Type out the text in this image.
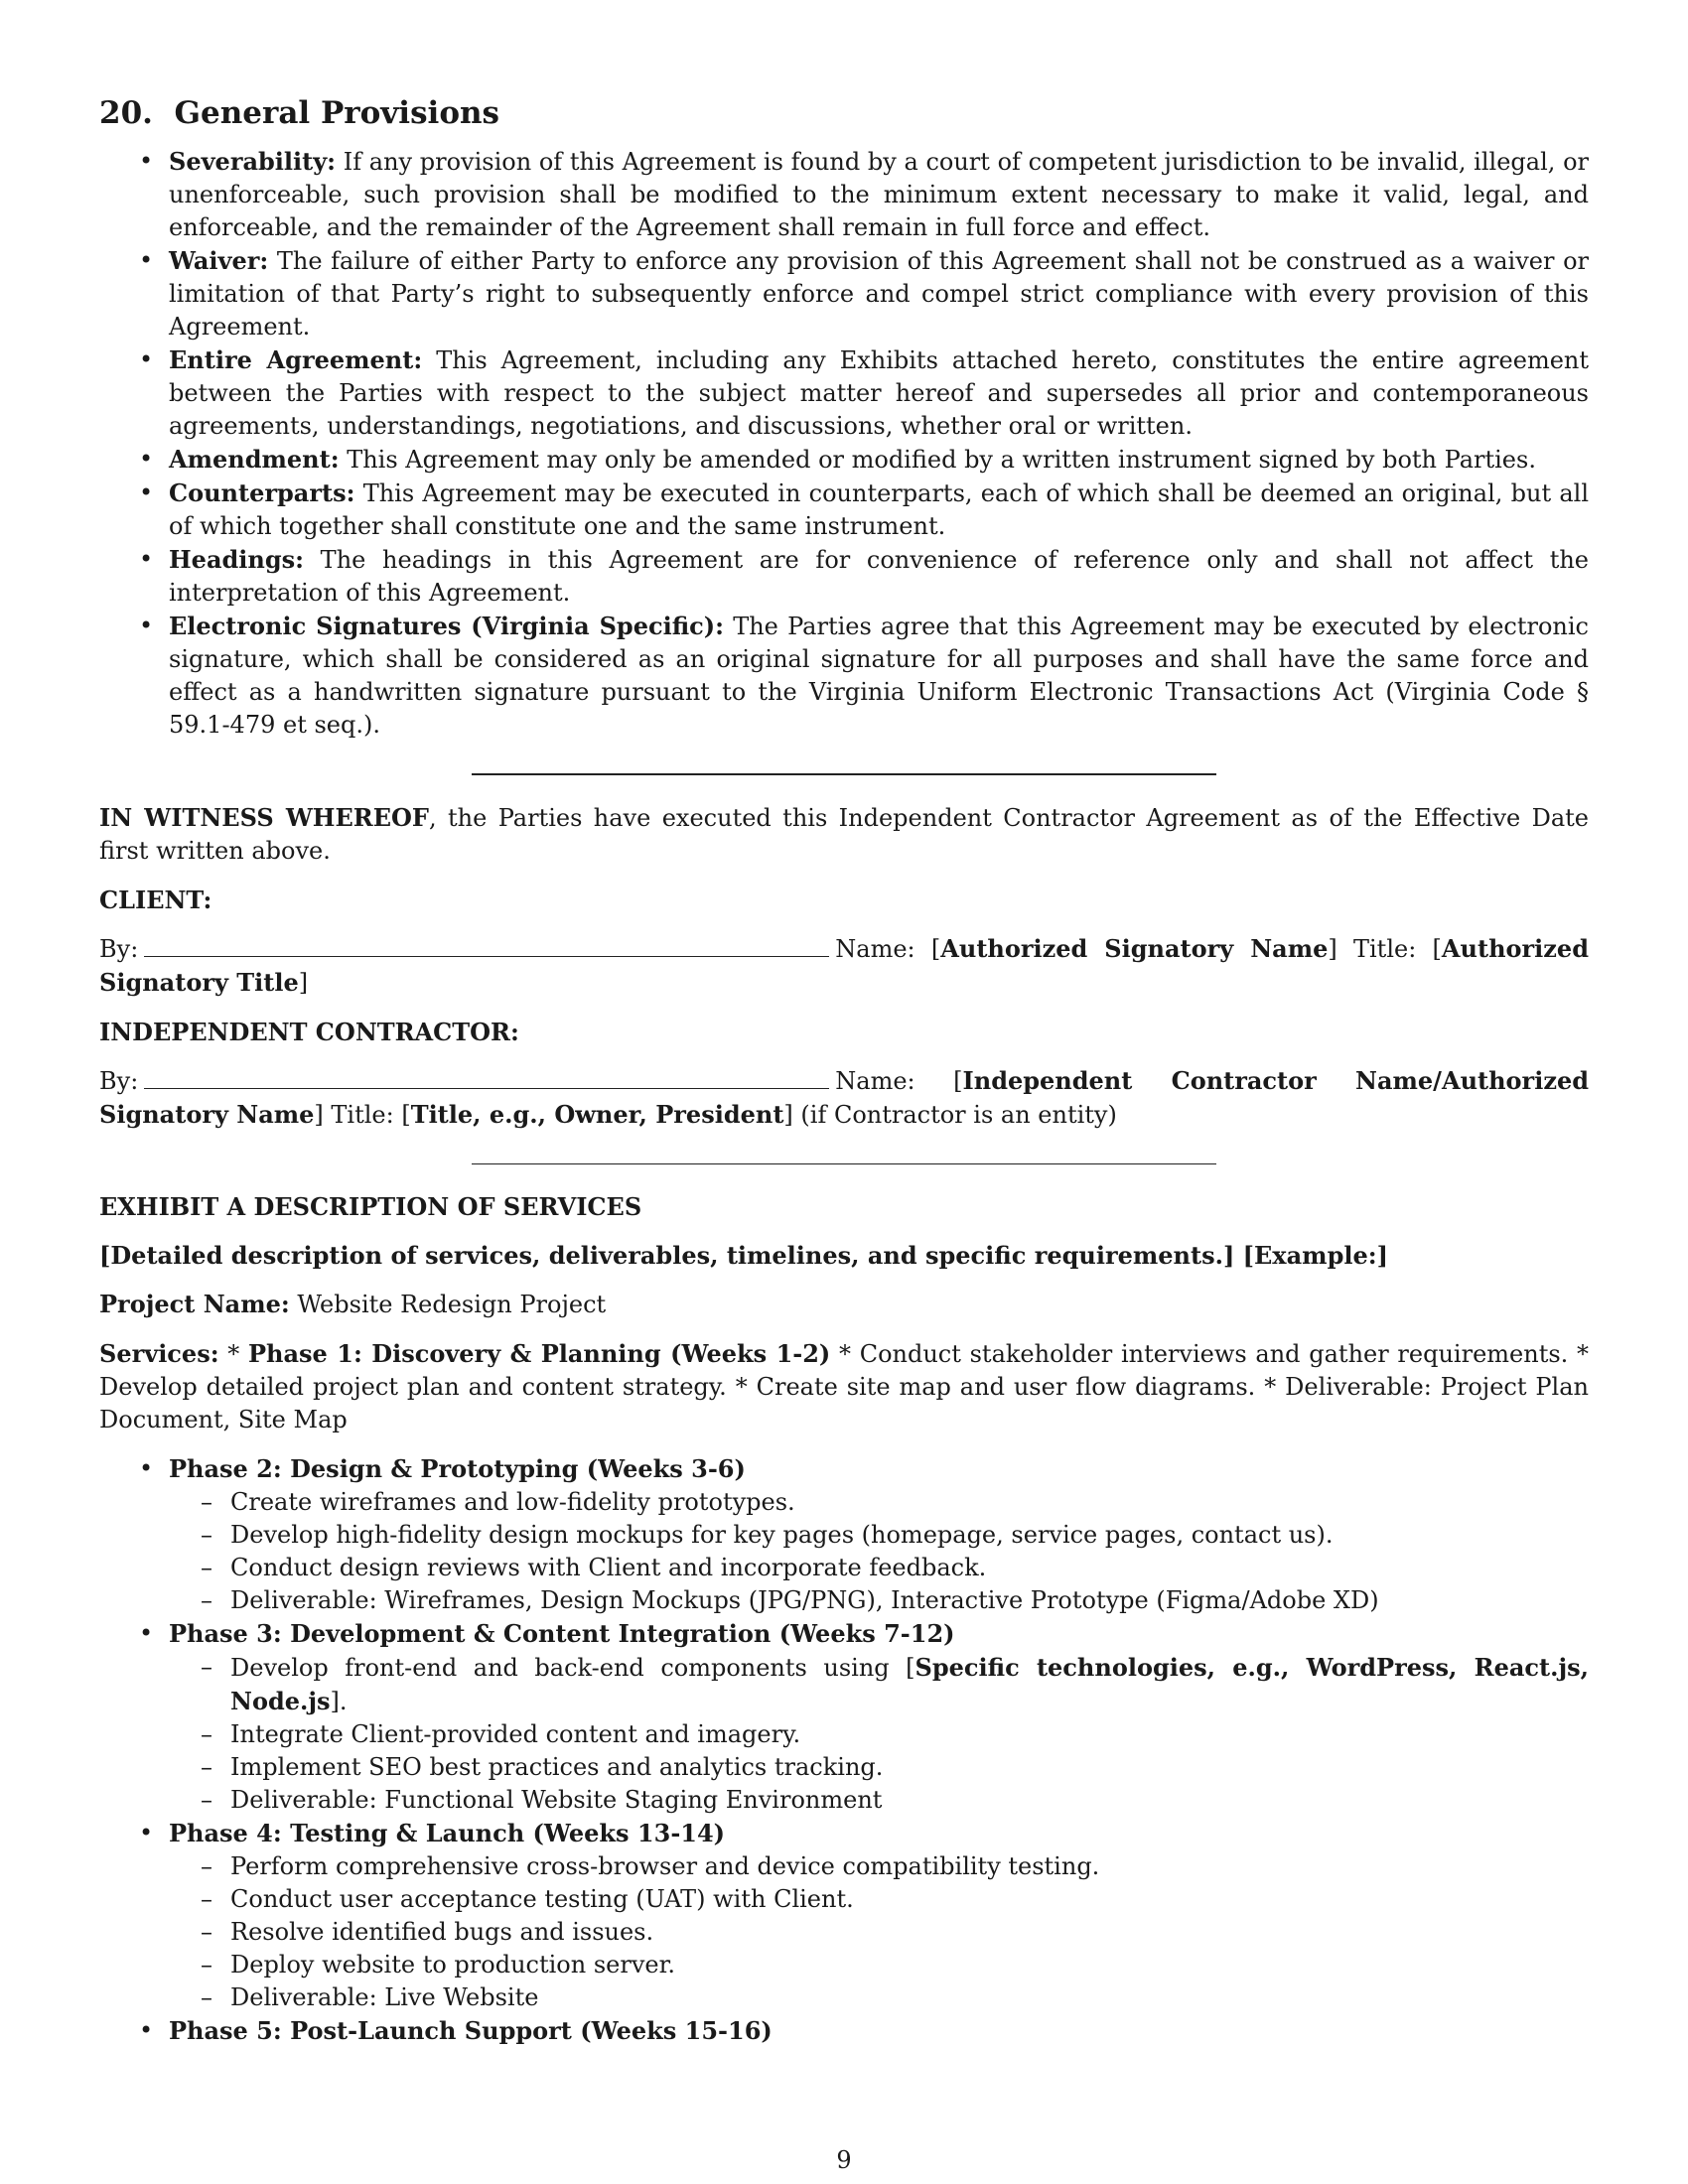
20. General Provisions
• Severability: If any provision of this Agreement is found by a court of competent jurisdiction to be invalid, illegal, or unenforceable, such provision shall be modified to the minimum extent necessary to make it valid, legal, and enforceable, and the remainder of the Agreement shall remain in full force and effect.
• Waiver: The failure of either Party to enforce any provision of this Agreement shall not be construed as a waiver or limitation of that Party’s right to subsequently enforce and compel strict compliance with every provision of this Agreement.
• Entire Agreement: This Agreement, including any Exhibits attached hereto, constitutes the entire agreement between the Parties with respect to the subject matter hereof and supersedes all prior and contemporaneous agreements, understandings, negotiations, and discussions, whether oral or written.
• Amendment: This Agreement may only be amended or modified by a written instrument signed by both Parties.
• Counterparts: This Agreement may be executed in counterparts, each of which shall be deemed an original, but all of which together shall constitute one and the same instrument.
• Headings: The headings in this Agreement are for convenience of reference only and shall not affect the interpretation of this Agreement.
• Electronic Signatures (Virginia Specific): The Parties agree that this Agreement may be executed by electronic signature, which shall be considered as an original signature for all purposes and shall have the same force and effect as a handwritten signature pursuant to the Virginia Uniform Electronic Transactions Act (Virginia Code § 59.1-479 et seq.).

IN WITNESS WHEREOF, the Parties have executed this Independent Contractor Agreement as of the Effective Date first written above.

CLIENT:

By:	Name: [Authorized Signatory Name] Title: [Authorized Signatory Title]

INDEPENDENT CONTRACTOR:

By:	Name: [Independent Contractor Name/Authorized Signatory Name] Title: [Title, e.g., Owner, President] (if Contractor is an entity)

EXHIBIT A DESCRIPTION OF SERVICES

[Detailed description of services, deliverables, timelines, and specific requirements.] [Example:]

Project Name: Website Redesign Project

Services: * Phase 1: Discovery & Planning (Weeks 1-2) * Conduct stakeholder interviews and gather requirements. * Develop detailed project plan and content strategy. * Create site map and user flow diagrams. * Deliverable: Project Plan Document, Site Map

• Phase 2: Design & Prototyping (Weeks 3-6)
– Create wireframes and low-fidelity prototypes.
– Develop high-fidelity design mockups for key pages (homepage, service pages, contact us).
– Conduct design reviews with Client and incorporate feedback.
– Deliverable: Wireframes, Design Mockups (JPG/PNG), Interactive Prototype (Figma/Adobe XD)
• Phase 3: Development & Content Integration (Weeks 7-12)
– Develop front-end and back-end components using [Specific technologies, e.g., WordPress, React.js, Node.js].
– Integrate Client-provided content and imagery.
– Implement SEO best practices and analytics tracking.
– Deliverable: Functional Website Staging Environment
• Phase 4: Testing & Launch (Weeks 13-14)
– Perform comprehensive cross-browser and device compatibility testing.
– Conduct user acceptance testing (UAT) with Client.
– Resolve identified bugs and issues.
– Deploy website to production server.
– Deliverable: Live Website
• Phase 5: Post-Launch Support (Weeks 15-16)
9
